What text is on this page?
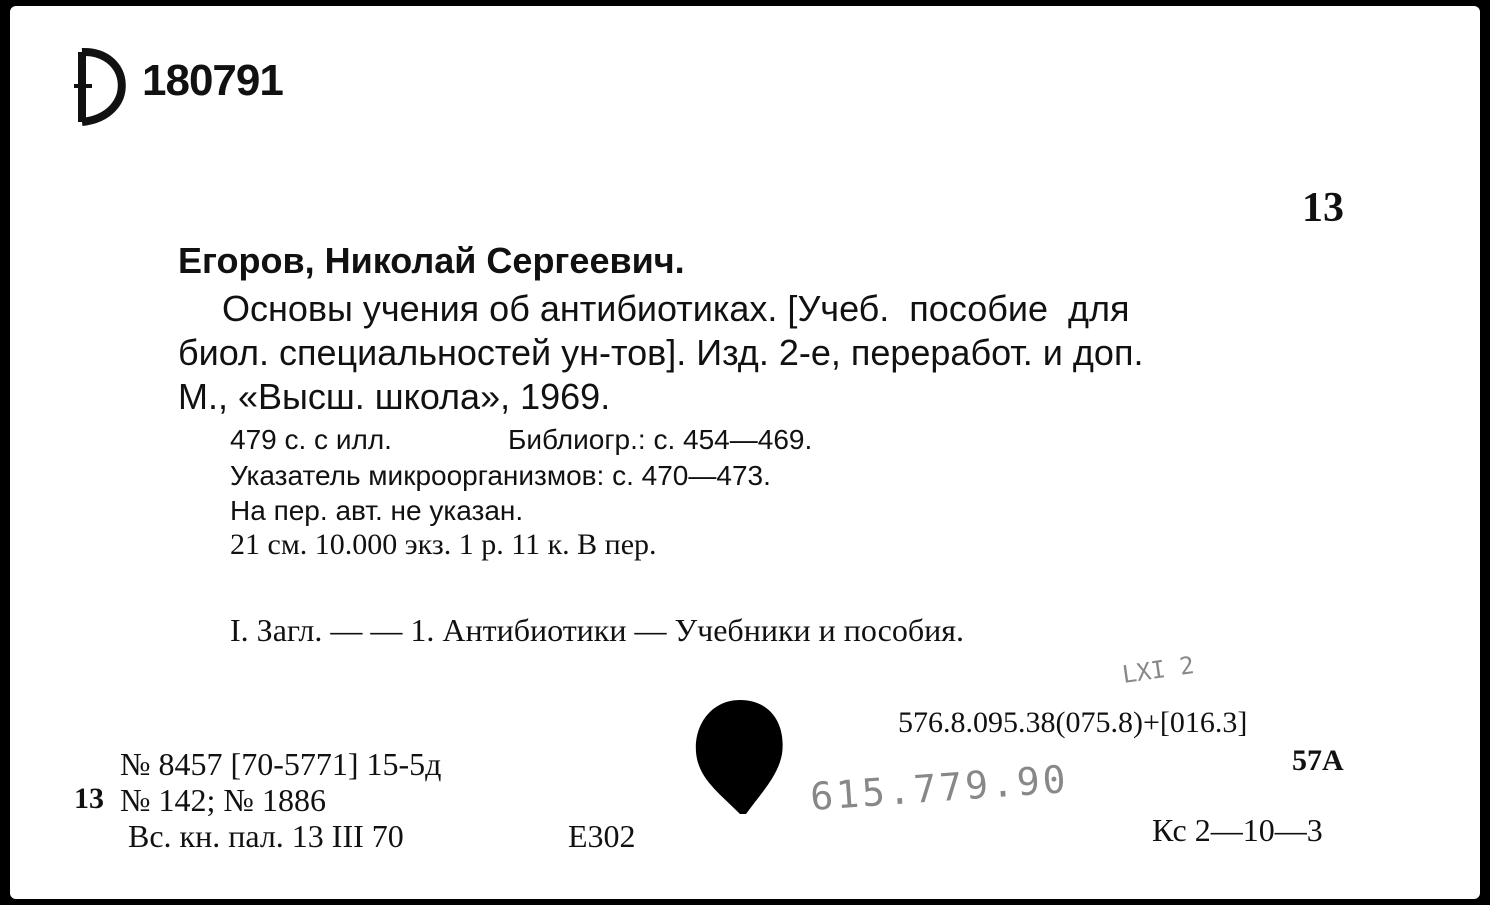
180791
13
Егоров, Николай Сергеевич.
Основы учения об антибиотиках. [Учеб.  пособие  для
биол. специальностей ун-тов]. Изд. 2-е, переработ. и доп.
М., «Высш. школа», 1969.
479 с. с илл.	Библиогр.: с. 454—469.
Указатель микроорганизмов: с. 470—473.
На пер. авт. не указан.
21 см. 10.000 экз. 1 р. 11 к. В пер.
I. Загл. — — 1. Антибиотики — Учебники и пособия.
LXI 2
576.8.095.38(075.8)+[016.3]
57A
615.779.90
№ 8457 [70-5771] 15-5д
13 № 142; № 1886
Вс. кн. пал. 13 III 70	E302	Кс 2—10—3
